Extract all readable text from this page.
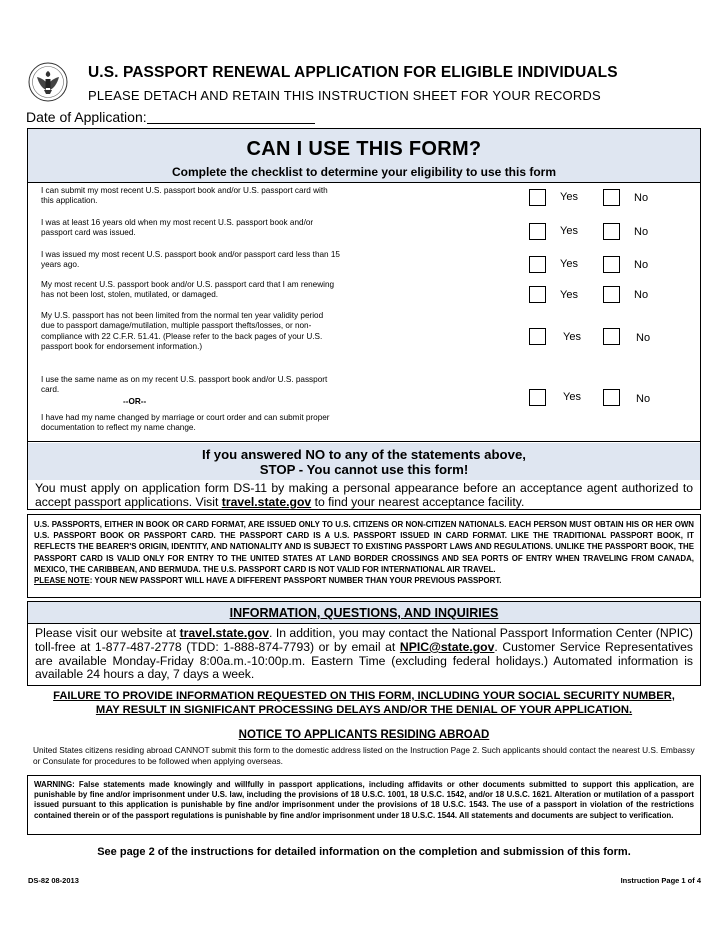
U.S. PASSPORT RENEWAL APPLICATION FOR ELIGIBLE INDIVIDUALS
PLEASE DETACH AND RETAIN THIS INSTRUCTION SHEET FOR YOUR RECORDS
Date of Application:
CAN I USE THIS FORM?
Complete the checklist to determine your eligibility to use this form
I can submit my most recent U.S. passport book and/or U.S. passport card with this application.	Yes	No
I was at least 16 years old when my most recent U.S. passport book and/or passport card was issued.	Yes	No
I was issued my most recent U.S. passport book and/or passport card less than 15 years ago.	Yes	No
My most recent U.S. passport book and/or U.S. passport card that I am renewing has not been lost, stolen, mutilated, or damaged.	Yes	No
My U.S. passport has not been limited from the normal ten year validity period due to passport damage/mutilation, multiple passport thefts/losses, or non-compliance with 22 C.F.R. 51.41. (Please refer to the back pages of your U.S. passport book for endorsement information.)
Yes	No
I use the same name as on my recent U.S. passport book and/or U.S. passport card.
--OR--
I have had my name changed by marriage or court order and can submit proper documentation to reflect my name change.
Yes	No
If you answered NO to any of the statements above,
STOP - You cannot use this form!
You must apply on application form DS-11 by making a personal appearance before an acceptance agent authorized to accept passport applications. Visit travel.state.gov to find your nearest acceptance facility.
U.S. PASSPORTS, EITHER IN BOOK OR CARD FORMAT, ARE ISSUED ONLY TO U.S. CITIZENS OR NON-CITIZEN NATIONALS. EACH PERSON MUST OBTAIN HIS OR HER OWN U.S. PASSPORT BOOK OR PASSPORT CARD. THE PASSPORT CARD IS A U.S. PASSPORT ISSUED IN CARD FORMAT. LIKE THE TRADITIONAL PASSPORT BOOK, IT REFLECTS THE BEARER'S ORIGIN, IDENTITY, AND NATIONALITY AND IS SUBJECT TO EXISTING PASSPORT LAWS AND REGULATIONS. UNLIKE THE PASSPORT BOOK, THE PASSPORT CARD IS VALID ONLY FOR ENTRY TO THE UNITED STATES AT LAND BORDER CROSSINGS AND SEA PORTS OF ENTRY WHEN TRAVELING FROM CANADA, MEXICO, THE CARIBBEAN, AND BERMUDA. THE U.S. PASSPORT CARD IS NOT VALID FOR INTERNATIONAL AIR TRAVEL.
PLEASE NOTE: YOUR NEW PASSPORT WILL HAVE A DIFFERENT PASSPORT NUMBER THAN YOUR PREVIOUS PASSPORT.
INFORMATION, QUESTIONS, AND INQUIRIES
Please visit our website at travel.state.gov. In addition, you may contact the National Passport Information Center (NPIC) toll-free at 1-877-487-2778 (TDD: 1-888-874-7793) or by email at NPIC@state.gov. Customer Service Representatives are available Monday-Friday 8:00a.m.-10:00p.m. Eastern Time (excluding federal holidays.) Automated information is available 24 hours a day, 7 days a week.
FAILURE TO PROVIDE INFORMATION REQUESTED ON THIS FORM, INCLUDING YOUR SOCIAL SECURITY NUMBER,
MAY RESULT IN SIGNIFICANT PROCESSING DELAYS AND/OR THE DENIAL OF YOUR APPLICATION.
NOTICE TO APPLICANTS RESIDING ABROAD
United States citizens residing abroad CANNOT submit this form to the domestic address listed on the Instruction Page 2. Such applicants should contact the nearest U.S. Embassy or Consulate for procedures to be followed when applying overseas.
WARNING: False statements made knowingly and willfully in passport applications, including affidavits or other documents submitted to support this application, are punishable by fine and/or imprisonment under U.S. law, including the provisions of 18 U.S.C. 1001, 18 U.S.C. 1542, and/or 18 U.S.C. 1621. Alteration or mutilation of a passport issued pursuant to this application is punishable by fine and/or imprisonment under the provisions of 18 U.S.C. 1543. The use of a passport in violation of the restrictions contained therein or of the passport regulations is punishable by fine and/or imprisonment under 18 U.S.C. 1544. All statements and documents are subject to verification.
See page 2 of the instructions for detailed information on the completion and submission of this form.
DS-82 08-2013	Instruction Page 1 of 4
